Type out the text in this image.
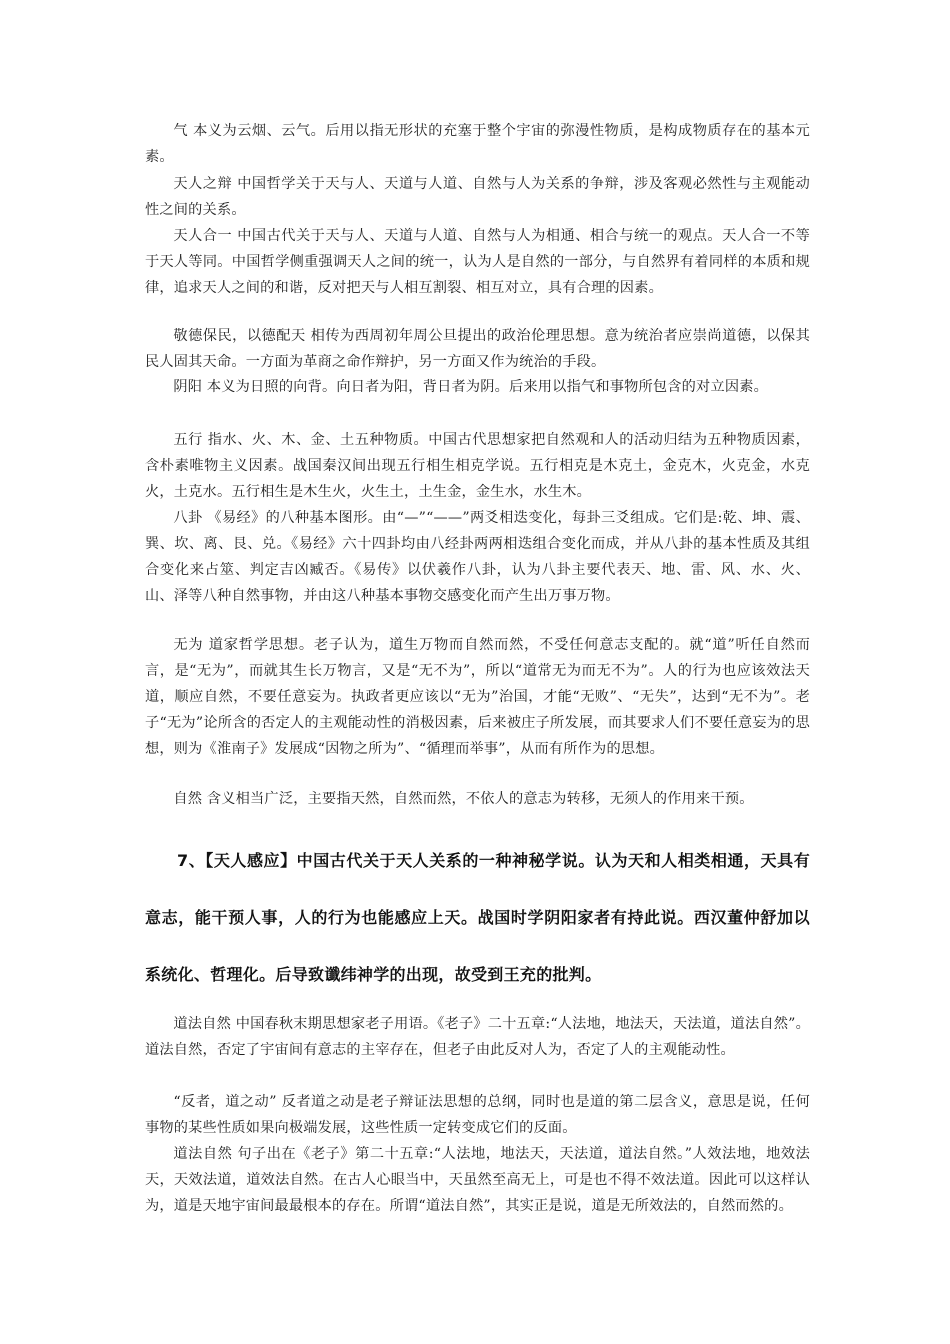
气 本义为云烟、云气。后用以指无形状的充塞于整个宇宙的弥漫性物质，是构成物质存在的基本元素。

天人之辩 中国哲学关于天与人、天道与人道、自然与人为关系的争辩，涉及客观必然性与主观能动性之间的关系。

天人合一 中国古代关于天与人、天道与人道、自然与人为相通、相合与统一的观点。天人合一不等于天人等同。中国哲学侧重强调天人之间的统一，认为人是自然的一部分，与自然界有着同样的本质和规律，追求天人之间的和谐，反对把天与人相互割裂、相互对立，具有合理的因素。

敬德保民，以德配天 相传为西周初年周公旦提出的政治伦理思想。意为统治者应崇尚道德，以保其民人固其天命。一方面为革商之命作辩护，另一方面又作为统治的手段。

阴阳 本义为日照的向背。向日者为阳，背日者为阴。后来用以指气和事物所包含的对立因素。

五行 指水、火、木、金、土五种物质。中国古代思想家把自然观和人的活动归结为五种物质因素，含朴素唯物主义因素。战国秦汉间出现五行相生相克学说。五行相克是木克土，金克木，火克金，水克火，土克水。五行相生是木生火，火生土，土生金，金生水，水生木。

八卦 《易经》的八种基本图形。由“—”“——”两爻相迭变化，每卦三爻组成。它们是:乾、坤、震、巽、坎、离、艮、兑。《易经》六十四卦均由八经卦两两相迭组合变化而成，并从八卦的基本性质及其组合变化来占筮、判定吉凶臧否。《易传》以伏羲作八卦，认为八卦主要代表天、地、雷、风、水、火、山、泽等八种自然事物，并由这八种基本事物交感变化而产生出万事万物。

无为 道家哲学思想。老子认为，道生万物而自然而然，不受任何意志支配的。就“道”听任自然而言，是“无为”，而就其生长万物言，又是“无不为”，所以“道常无为而无不为”。人的行为也应该效法天道，顺应自然，不要任意妄为。执政者更应该以“无为”治国，才能“无败”、“无失”，达到“无不为”。老子“无为”论所含的否定人的主观能动性的消极因素，后来被庄子所发展，而其要求人们不要任意妄为的思想，则为《淮南子》发展成“因物之所为”、“循理而举事”，从而有所作为的思想。

自然 含义相当广泛，主要指天然，自然而然，不依人的意志为转移，无须人的作用来干预。

7、【天人感应】中国古代关于天人关系的一种神秘学说。认为天和人相类相通，天具有意志，能干预人事，人的行为也能感应上天。战国时学阴阳家者有持此说。西汉董仲舒加以系统化、哲理化。后导致谶纬神学的出现，故受到王充的批判。

道法自然 中国春秋末期思想家老子用语。《老子》二十五章:“人法地，地法天，天法道，道法自然”。道法自然，否定了宇宙间有意志的主宰存在，但老子由此反对人为，否定了人的主观能动性。

“反者，道之动” 反者道之动是老子辩证法思想的总纲，同时也是道的第二层含义，意思是说，任何事物的某些性质如果向极端发展，这些性质一定转变成它们的反面。

道法自然 句子出在《老子》第二十五章:“人法地，地法天，天法道，道法自然。”人效法地，地效法天，天效法道，道效法自然。在古人心眼当中，天虽然至高无上，可是也不得不效法道。因此可以这样认为，道是天地宇宙间最最根本的存在。所谓“道法自然”，其实正是说，道是无所效法的，自然而然的。
